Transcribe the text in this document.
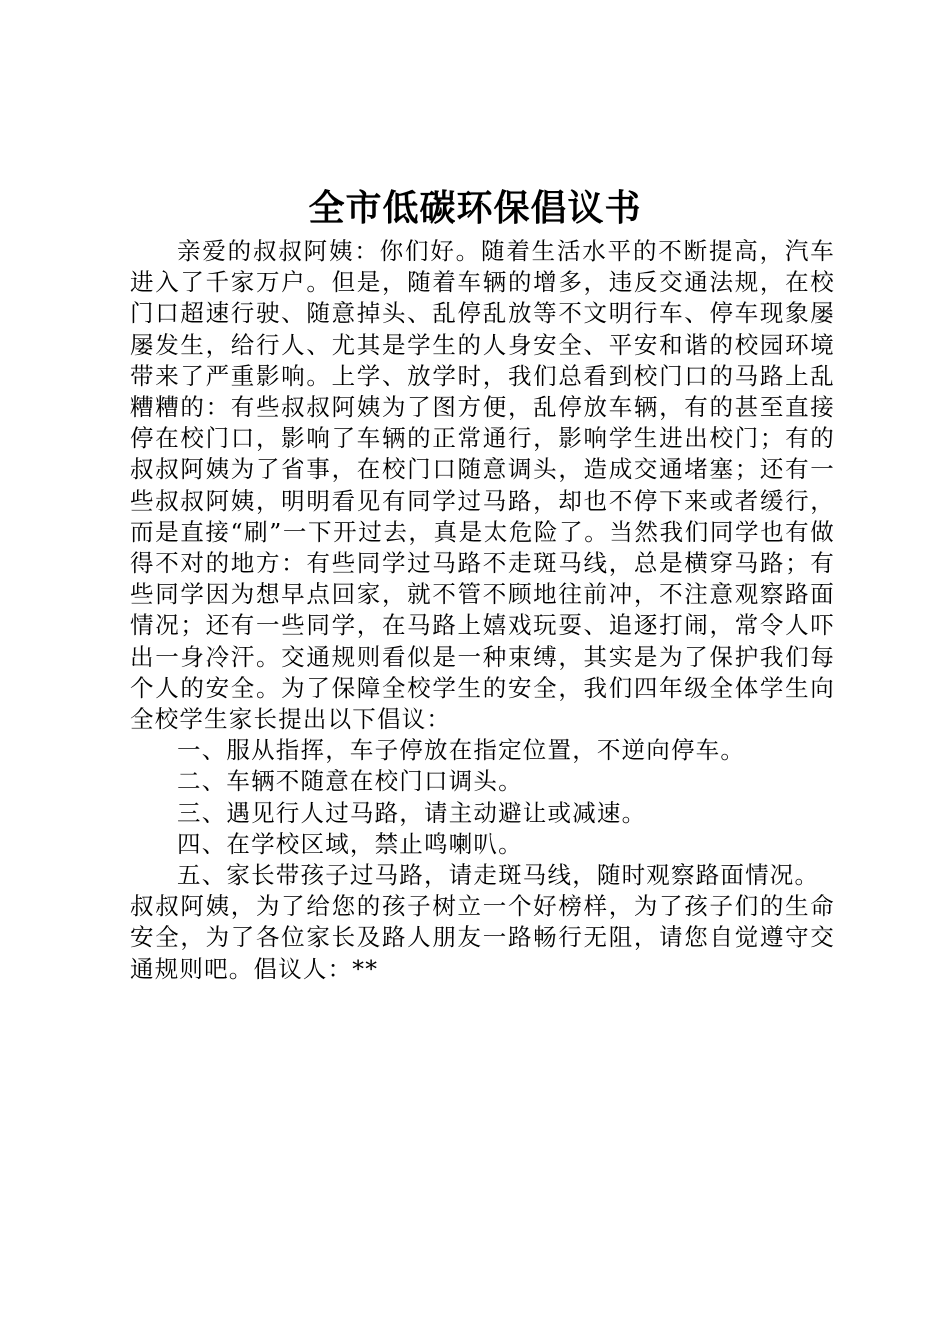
全市低碳环保倡议书

亲爱的叔叔阿姨：你们好。随着生活水平的不断提高，汽车进入了千家万户。但是，随着车辆的增多，违反交通法规，在校门口超速行驶、随意掉头、乱停乱放等不文明行车、停车现象屡屡发生，给行人、尤其是学生的人身安全、平安和谐的校园环境带来了严重影响。上学、放学时，我们总看到校门口的马路上乱糟糟的：有些叔叔阿姨为了图方便，乱停放车辆，有的甚至直接停在校门口，影响了车辆的正常通行，影响学生进出校门；有的叔叔阿姨为了省事，在校门口随意调头，造成交通堵塞；还有一些叔叔阿姨，明明看见有同学过马路，却也不停下来或者缓行，而是直接“刷”一下开过去，真是太危险了。当然我们同学也有做得不对的地方：有些同学过马路不走斑马线，总是横穿马路；有些同学因为想早点回家，就不管不顾地往前冲，不注意观察路面情况；还有一些同学，在马路上嬉戏玩耍、追逐打闹，常令人吓出一身冷汗。交通规则看似是一种束缚，其实是为了保护我们每个人的安全。为了保障全校学生的安全，我们四年级全体学生向全校学生家长提出以下倡议：

一、服从指挥，车子停放在指定位置，不逆向停车。

二、车辆不随意在校门口调头。

三、遇见行人过马路，请主动避让或减速。

四、在学校区域，禁止鸣喇叭。

五、家长带孩子过马路，请走斑马线，随时观察路面情况。

叔叔阿姨，为了给您的孩子树立一个好榜样，为了孩子们的生命安全，为了各位家长及路人朋友一路畅行无阻，请您自觉遵守交通规则吧。倡议人：**
